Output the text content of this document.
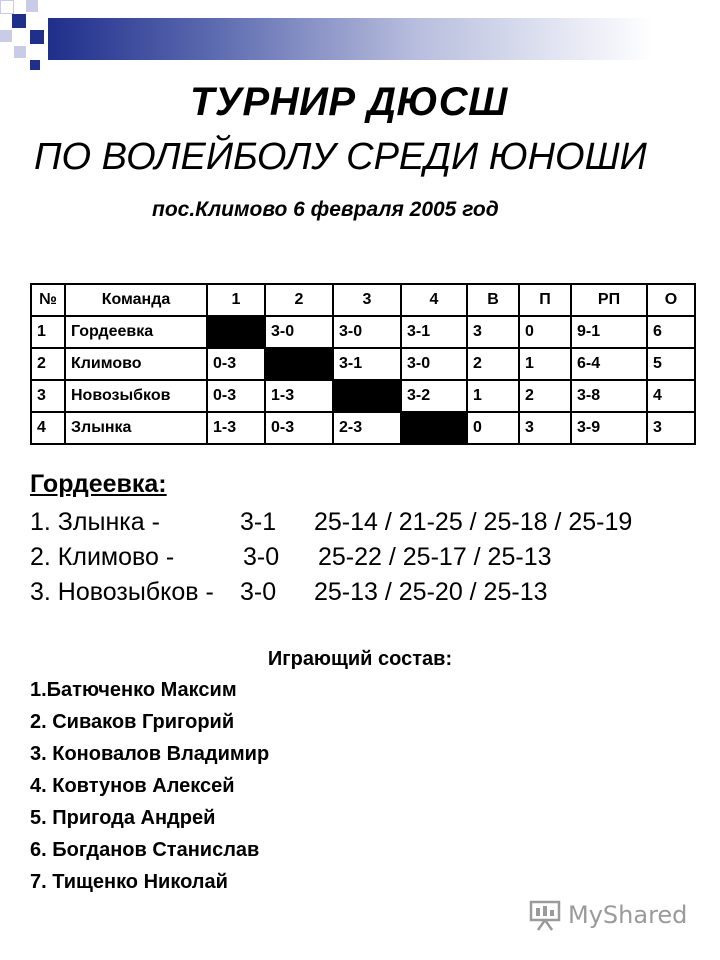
ТУРНИР ДЮСШ
ПО ВОЛЕЙБОЛУ СРЕДИ ЮНОШИ
пос.Климово 6 февраля 2005 год
№	Команда	1	2	3	4	В	П	РП	О
1	Гордеевка		3-0	3-0	3-1	3	0	9-1	6
2	Климово	0-3		3-1	3-0	2	1	6-4	5
3	Новозыбков	0-3	1-3		3-2	1	2	3-8	4
4	Злынка	1-3	0-3	2-3		0	3	3-9	3
Гордеевка:
1. Злынка -	3-1 25-14 / 21-25 / 25-18 / 25-19
2. Климово -	3-0 25-22 / 25-17 / 25-13
3. Новозыбков - 3-0 25-13 / 25-20 / 25-13
Играющий состав:
1.Батюченко Максим
2. Сиваков Григорий
3. Коновалов Владимир
4. Ковтунов Алексей
5. Пригода Андрей
6. Богданов Станислав
7. Тищенко Николай
MyShared
